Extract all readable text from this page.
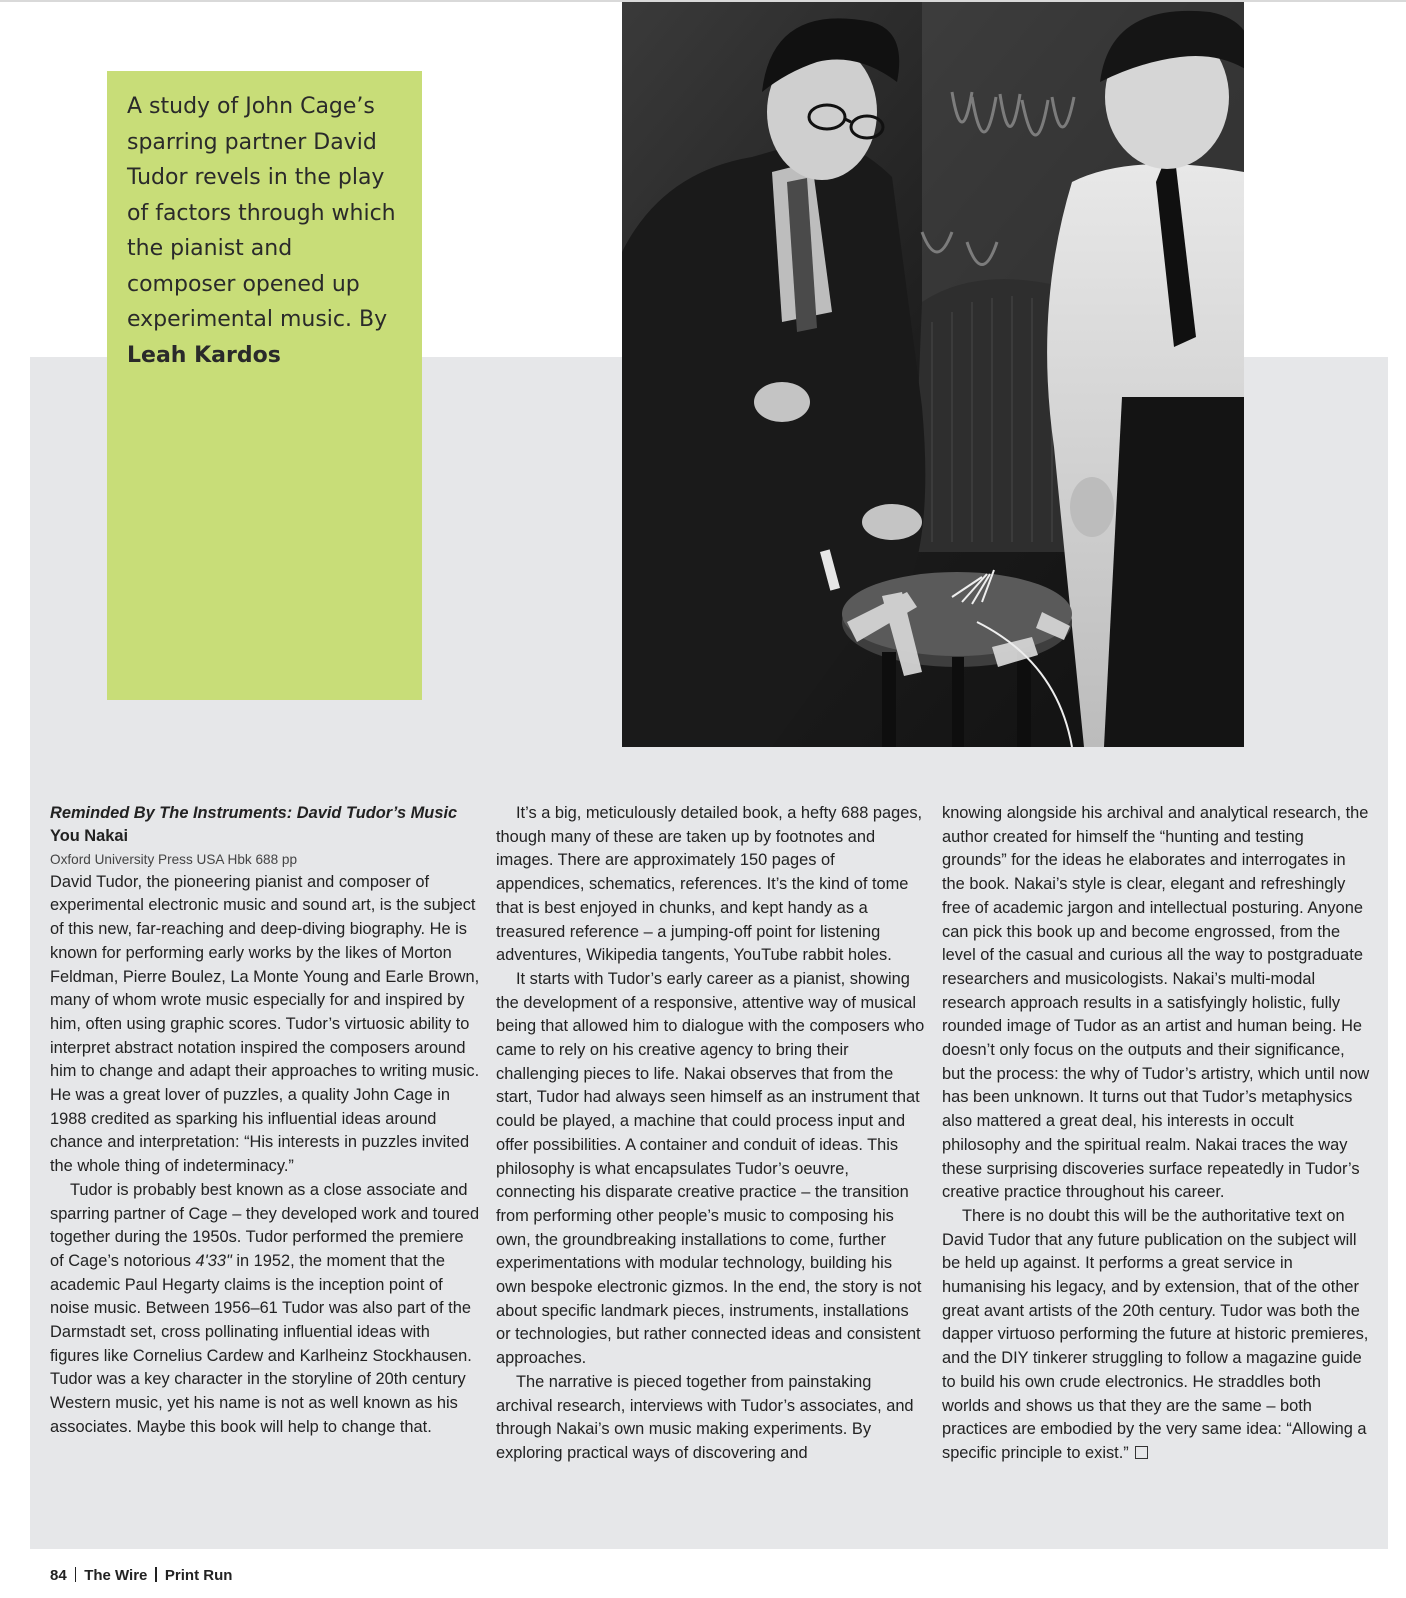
A study of John Cage’s sparring partner David Tudor revels in the play of factors through which the pianist and composer opened up experimental music. By Leah Kardos

Reminded By The Instruments: David Tudor’s Music
You Nakai
Oxford University Press USA Hbk 688 pp

David Tudor, the pioneering pianist and composer of experimental electronic music and sound art, is the subject of this new, far-reaching and deep-diving biography. He is known for performing early works by the likes of Morton Feldman, Pierre Boulez, La Monte Young and Earle Brown, many of whom wrote music especially for and inspired by him, often using graphic scores. Tudor’s virtuosic ability to interpret abstract notation inspired the composers around him to change and adapt their approaches to writing music. He was a great lover of puzzles, a quality John Cage in 1988 credited as sparking his influential ideas around chance and interpretation: “His interests in puzzles invited the whole thing of indeterminacy.”

Tudor is probably best known as a close associate and sparring partner of Cage – they developed work and toured together during the 1950s. Tudor performed the premiere of Cage’s notorious 4'33" in 1952, the moment that the academic Paul Hegarty claims is the inception point of noise music. Between 1956–61 Tudor was also part of the Darmstadt set, cross pollinating influential ideas with figures like Cornelius Cardew and Karlheinz Stockhausen. Tudor was a key character in the storyline of 20th century Western music, yet his name is not as well known as his associates. Maybe this book will help to change that.

It’s a big, meticulously detailed book, a hefty 688 pages, though many of these are taken up by footnotes and images. There are approximately 150 pages of appendices, schematics, references. It’s the kind of tome that is best enjoyed in chunks, and kept handy as a treasured reference – a jumping-off point for listening adventures, Wikipedia tangents, YouTube rabbit holes.

It starts with Tudor’s early career as a pianist, showing the development of a responsive, attentive way of musical being that allowed him to dialogue with the composers who came to rely on his creative agency to bring their challenging pieces to life. Nakai observes that from the start, Tudor had always seen himself as an instrument that could be played, a machine that could process input and offer possibilities. A container and conduit of ideas. This philosophy is what encapsulates Tudor’s oeuvre, connecting his disparate creative practice – the transition from performing other people’s music to composing his own, the groundbreaking installations to come, further experimentations with modular technology, building his own bespoke electronic gizmos. In the end, the story is not about specific landmark pieces, instruments, installations or technologies, but rather connected ideas and consistent approaches.

The narrative is pieced together from painstaking archival research, interviews with Tudor’s associates, and through Nakai’s own music making experiments. By exploring practical ways of discovering and

knowing alongside his archival and analytical research, the author created for himself the “hunting and testing grounds” for the ideas he elaborates and interrogates in the book. Nakai’s style is clear, elegant and refreshingly free of academic jargon and intellectual posturing. Anyone can pick this book up and become engrossed, from the level of the casual and curious all the way to postgraduate researchers and musicologists. Nakai’s multi-modal research approach results in a satisfyingly holistic, fully rounded image of Tudor as an artist and human being. He doesn’t only focus on the outputs and their significance, but the process: the why of Tudor’s artistry, which until now has been unknown. It turns out that Tudor’s metaphysics also mattered a great deal, his interests in occult philosophy and the spiritual realm. Nakai traces the way these surprising discoveries surface repeatedly in Tudor’s creative practice throughout his career.

There is no doubt this will be the authoritative text on David Tudor that any future publication on the subject will be held up against. It performs a great service in humanising his legacy, and by extension, that of the other great avant artists of the 20th century. Tudor was both the dapper virtuoso performing the future at historic premieres, and the DIY tinkerer struggling to follow a magazine guide to build his own crude electronics. He straddles both worlds and shows us that they are the same – both practices are embodied by the very same idea: “Allowing a specific principle to exist.”

84 The Wire Print Run
